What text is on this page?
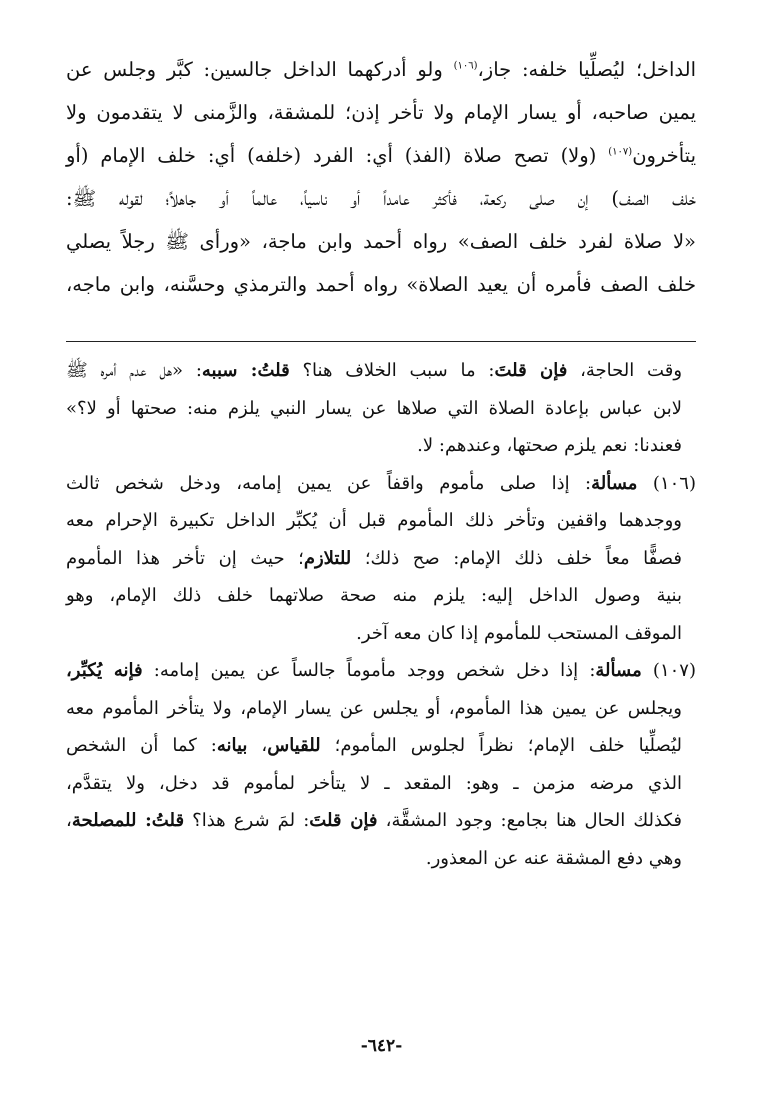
الداخل؛ ليُصلِّيا خلفه: جاز،$^{(١٠٦)}$ ولو أدركهما الداخل جالسين: كبَّر وجلس عن

يمين صاحبه، أو يسار الإمام ولا تأخر إذن؛ للمشقة، والزَّمنى لا يتقدمون ولا

يتأخرون$^{(١٠٧)}$ (ولا) تصح صلاة (الفذ) أي: الفرد (خلفه) أي: خلف الإمام (أو

خلف الصف) إن صلى ركعة، فأكثر عامداً أو ناسياً، عالماً أو جاهلاً؛ لقوله ﷺ:

«لا صلاة لفرد خلف الصف» رواه أحمد وابن ماجة، «ورأى ﷺ رجلاً يصلي

خلف الصف فأمره أن يعيد الصلاة» رواه أحمد والترمذي وحسَّنه، وابن ماجه،

وقت الحاجة، فإن قلتَ: ما سبب الخلاف هنا؟ قلتُ: سببه: «هل عدم أمره ﷺ

لابن عباس بإعادة الصلاة التي صلاها عن يسار النبي يلزم منه: صحتها أو لا؟»

فعندنا: نعم يلزم صحتها، وعندهم: لا.

(١٠٦) مسألة: إذا صلى مأموم واقفاً عن يمين إمامه، ودخل شخص ثالث

ووجدهما واقفين وتأخر ذلك المأموم قبل أن يُكبِّر الداخل تكبيرة الإحرام معه

فصفًّا معاً خلف ذلك الإمام: صح ذلك؛ للتلازم؛ حيث إن تأخر هذا المأموم

بنية وصول الداخل إليه: يلزم منه صحة صلاتهما خلف ذلك الإمام، وهو

الموقف المستحب للمأموم إذا كان معه آخر.

(١٠٧) مسألة: إذا دخل شخص ووجد مأموماً جالساً عن يمين إمامه: فإنه يُكبِّر،

ويجلس عن يمين هذا المأموم، أو يجلس عن يسار الإمام، ولا يتأخر المأموم معه

ليُصلِّيا خلف الإمام؛ نظراً لجلوس المأموم؛ للقياس، بيانه: كما أن الشخص

الذي مرضه مزمن ـ وهو: المقعد ـ لا يتأخر لمأموم قد دخل، ولا يتقدَّم،

فكذلك الحال هنا بجامع: وجود المشقَّة، فإن قلتَ: لمَ شرع هذا؟ قلتُ: للمصلحة،

وهي دفع المشقة عنه عن المعذور.

-٦٤٢-
